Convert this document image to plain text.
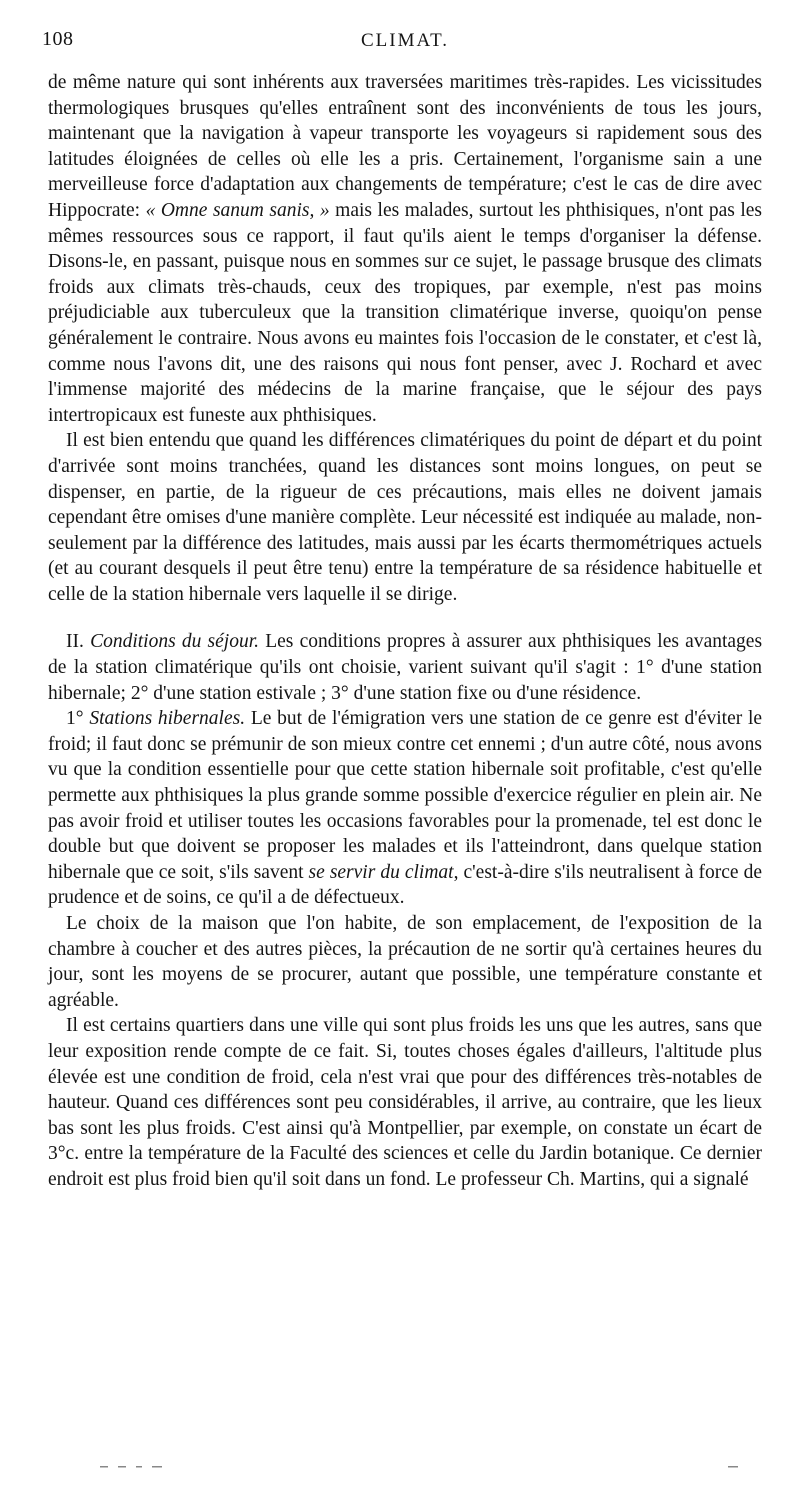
108	CLIMAT.

de même nature qui sont inhérents aux traversées maritimes très-rapides. Les vicissitudes thermologiques brusques qu'elles entraînent sont des inconvénients de tous les jours, maintenant que la navigation à vapeur transporte les voyageurs si rapidement sous des latitudes éloignées de celles où elle les a pris. Certainement, l'organisme sain a une merveilleuse force d'adaptation aux changements de température; c'est le cas de dire avec Hippocrate: « Omne sanum sanis, » mais les malades, surtout les phthisiques, n'ont pas les mêmes ressources sous ce rapport, il faut qu'ils aient le temps d'organiser la défense. Disons-le, en passant, puisque nous en sommes sur ce sujet, le passage brusque des climats froids aux climats très-chauds, ceux des tropiques, par exemple, n'est pas moins préjudiciable aux tuberculeux que la transition climatérique inverse, quoiqu'on pense généralement le contraire. Nous avons eu maintes fois l'occasion de le constater, et c'est là, comme nous l'avons dit, une des raisons qui nous font penser, avec J. Rochard et avec l'immense majorité des médecins de la marine française, que le séjour des pays intertropicaux est funeste aux phthisiques.

Il est bien entendu que quand les différences climatériques du point de départ et du point d'arrivée sont moins tranchées, quand les distances sont moins longues, on peut se dispenser, en partie, de la rigueur de ces précautions, mais elles ne doivent jamais cependant être omises d'une manière complète. Leur nécessité est indiquée au malade, non-seulement par la différence des latitudes, mais aussi par les écarts thermométriques actuels (et au courant desquels il peut être tenu) entre la température de sa résidence habituelle et celle de la station hibernale vers laquelle il se dirige.

II. Conditions du séjour. Les conditions propres à assurer aux phthisiques les avantages de la station climatérique qu'ils ont choisie, varient suivant qu'il s'agit : 1° d'une station hibernale; 2° d'une station estivale ; 3° d'une station fixe ou d'une résidence.

1° Stations hibernales. Le but de l'émigration vers une station de ce genre est d'éviter le froid; il faut donc se prémunir de son mieux contre cet ennemi ; d'un autre côté, nous avons vu que la condition essentielle pour que cette station hibernale soit profitable, c'est qu'elle permette aux phthisiques la plus grande somme possible d'exercice régulier en plein air. Ne pas avoir froid et utiliser toutes les occasions favorables pour la promenade, tel est donc le double but que doivent se proposer les malades et ils l'atteindront, dans quelque station hibernale que ce soit, s'ils savent se servir du climat, c'est-à-dire s'ils neutralisent à force de prudence et de soins, ce qu'il a de défectueux.

Le choix de la maison que l'on habite, de son emplacement, de l'exposition de la chambre à coucher et des autres pièces, la précaution de ne sortir qu'à certaines heures du jour, sont les moyens de se procurer, autant que possible, une température constante et agréable.

Il est certains quartiers dans une ville qui sont plus froids les uns que les autres, sans que leur exposition rende compte de ce fait. Si, toutes choses égales d'ailleurs, l'altitude plus élevée est une condition de froid, cela n'est vrai que pour des différences très-notables de hauteur. Quand ces différences sont peu considérables, il arrive, au contraire, que les lieux bas sont les plus froids. C'est ainsi qu'à Montpellier, par exemple, on constate un écart de 3°c. entre la température de la Faculté des sciences et celle du Jardin botanique. Ce dernier endroit est plus froid bien qu'il soit dans un fond. Le professeur Ch. Martins, qui a signalé
